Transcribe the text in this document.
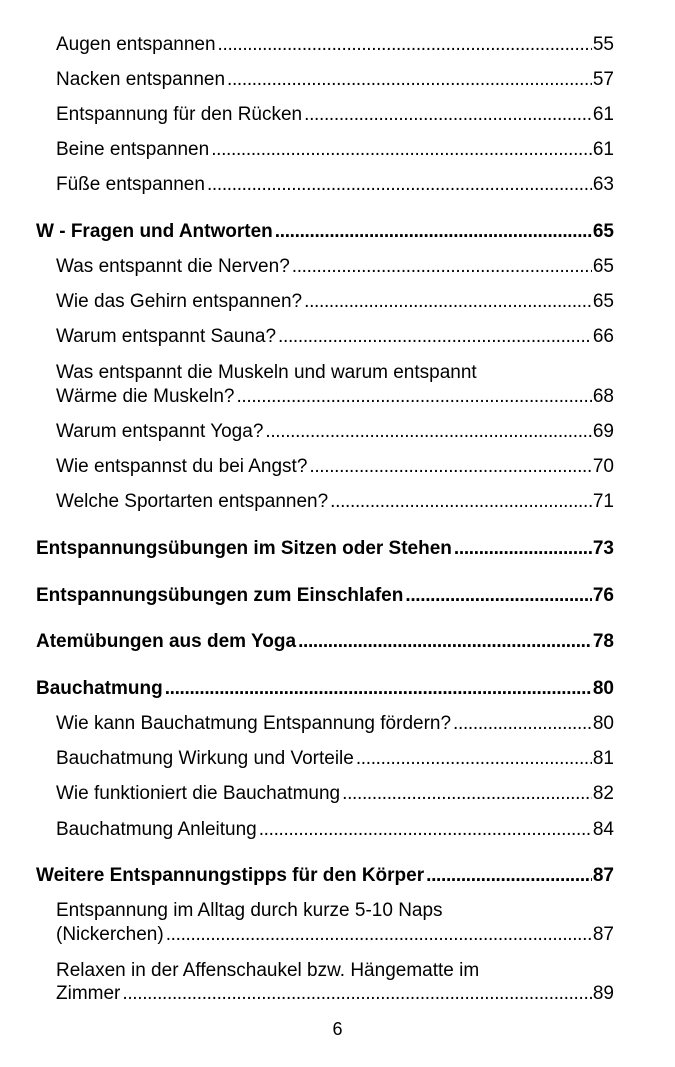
Augen entspannen . . .	55
Nacken entspannen . . .	57
Entspannung für den Rücken . . .	61
Beine entspannen . . .	61
Füße entspannen . . .	63
W - Fragen und Antworten . . .	65
Was entspannt die Nerven? . . .	65
Wie das Gehirn entspannen? . . .	65
Warum entspannt Sauna? . . .	66
Was entspannt die Muskeln und warum entspannt
Wärme die Muskeln? . . .	68
Warum entspannt Yoga? . . .	69
Wie entspannst du bei Angst? . . .	70
Welche Sportarten entspannen? . . .	71
Entspannungsübungen im Sitzen oder Stehen . . .	73
Entspannungsübungen zum Einschlafen . . .	76
Atemübungen aus dem Yoga . . .	78
Bauchatmung . . .	80
Wie kann Bauchatmung Entspannung fördern? . . .	80
Bauchatmung Wirkung und Vorteile . . .	81
Wie funktioniert die Bauchatmung . . .	82
Bauchatmung Anleitung . . .	84
Weitere Entspannungstipps für den Körper . . .	87
Entspannung im Alltag durch kurze 5-10 Naps
(Nickerchen) . . .	87
Relaxen in der Affenschaukel bzw. Hängematte im
Zimmer . . .	89
6
